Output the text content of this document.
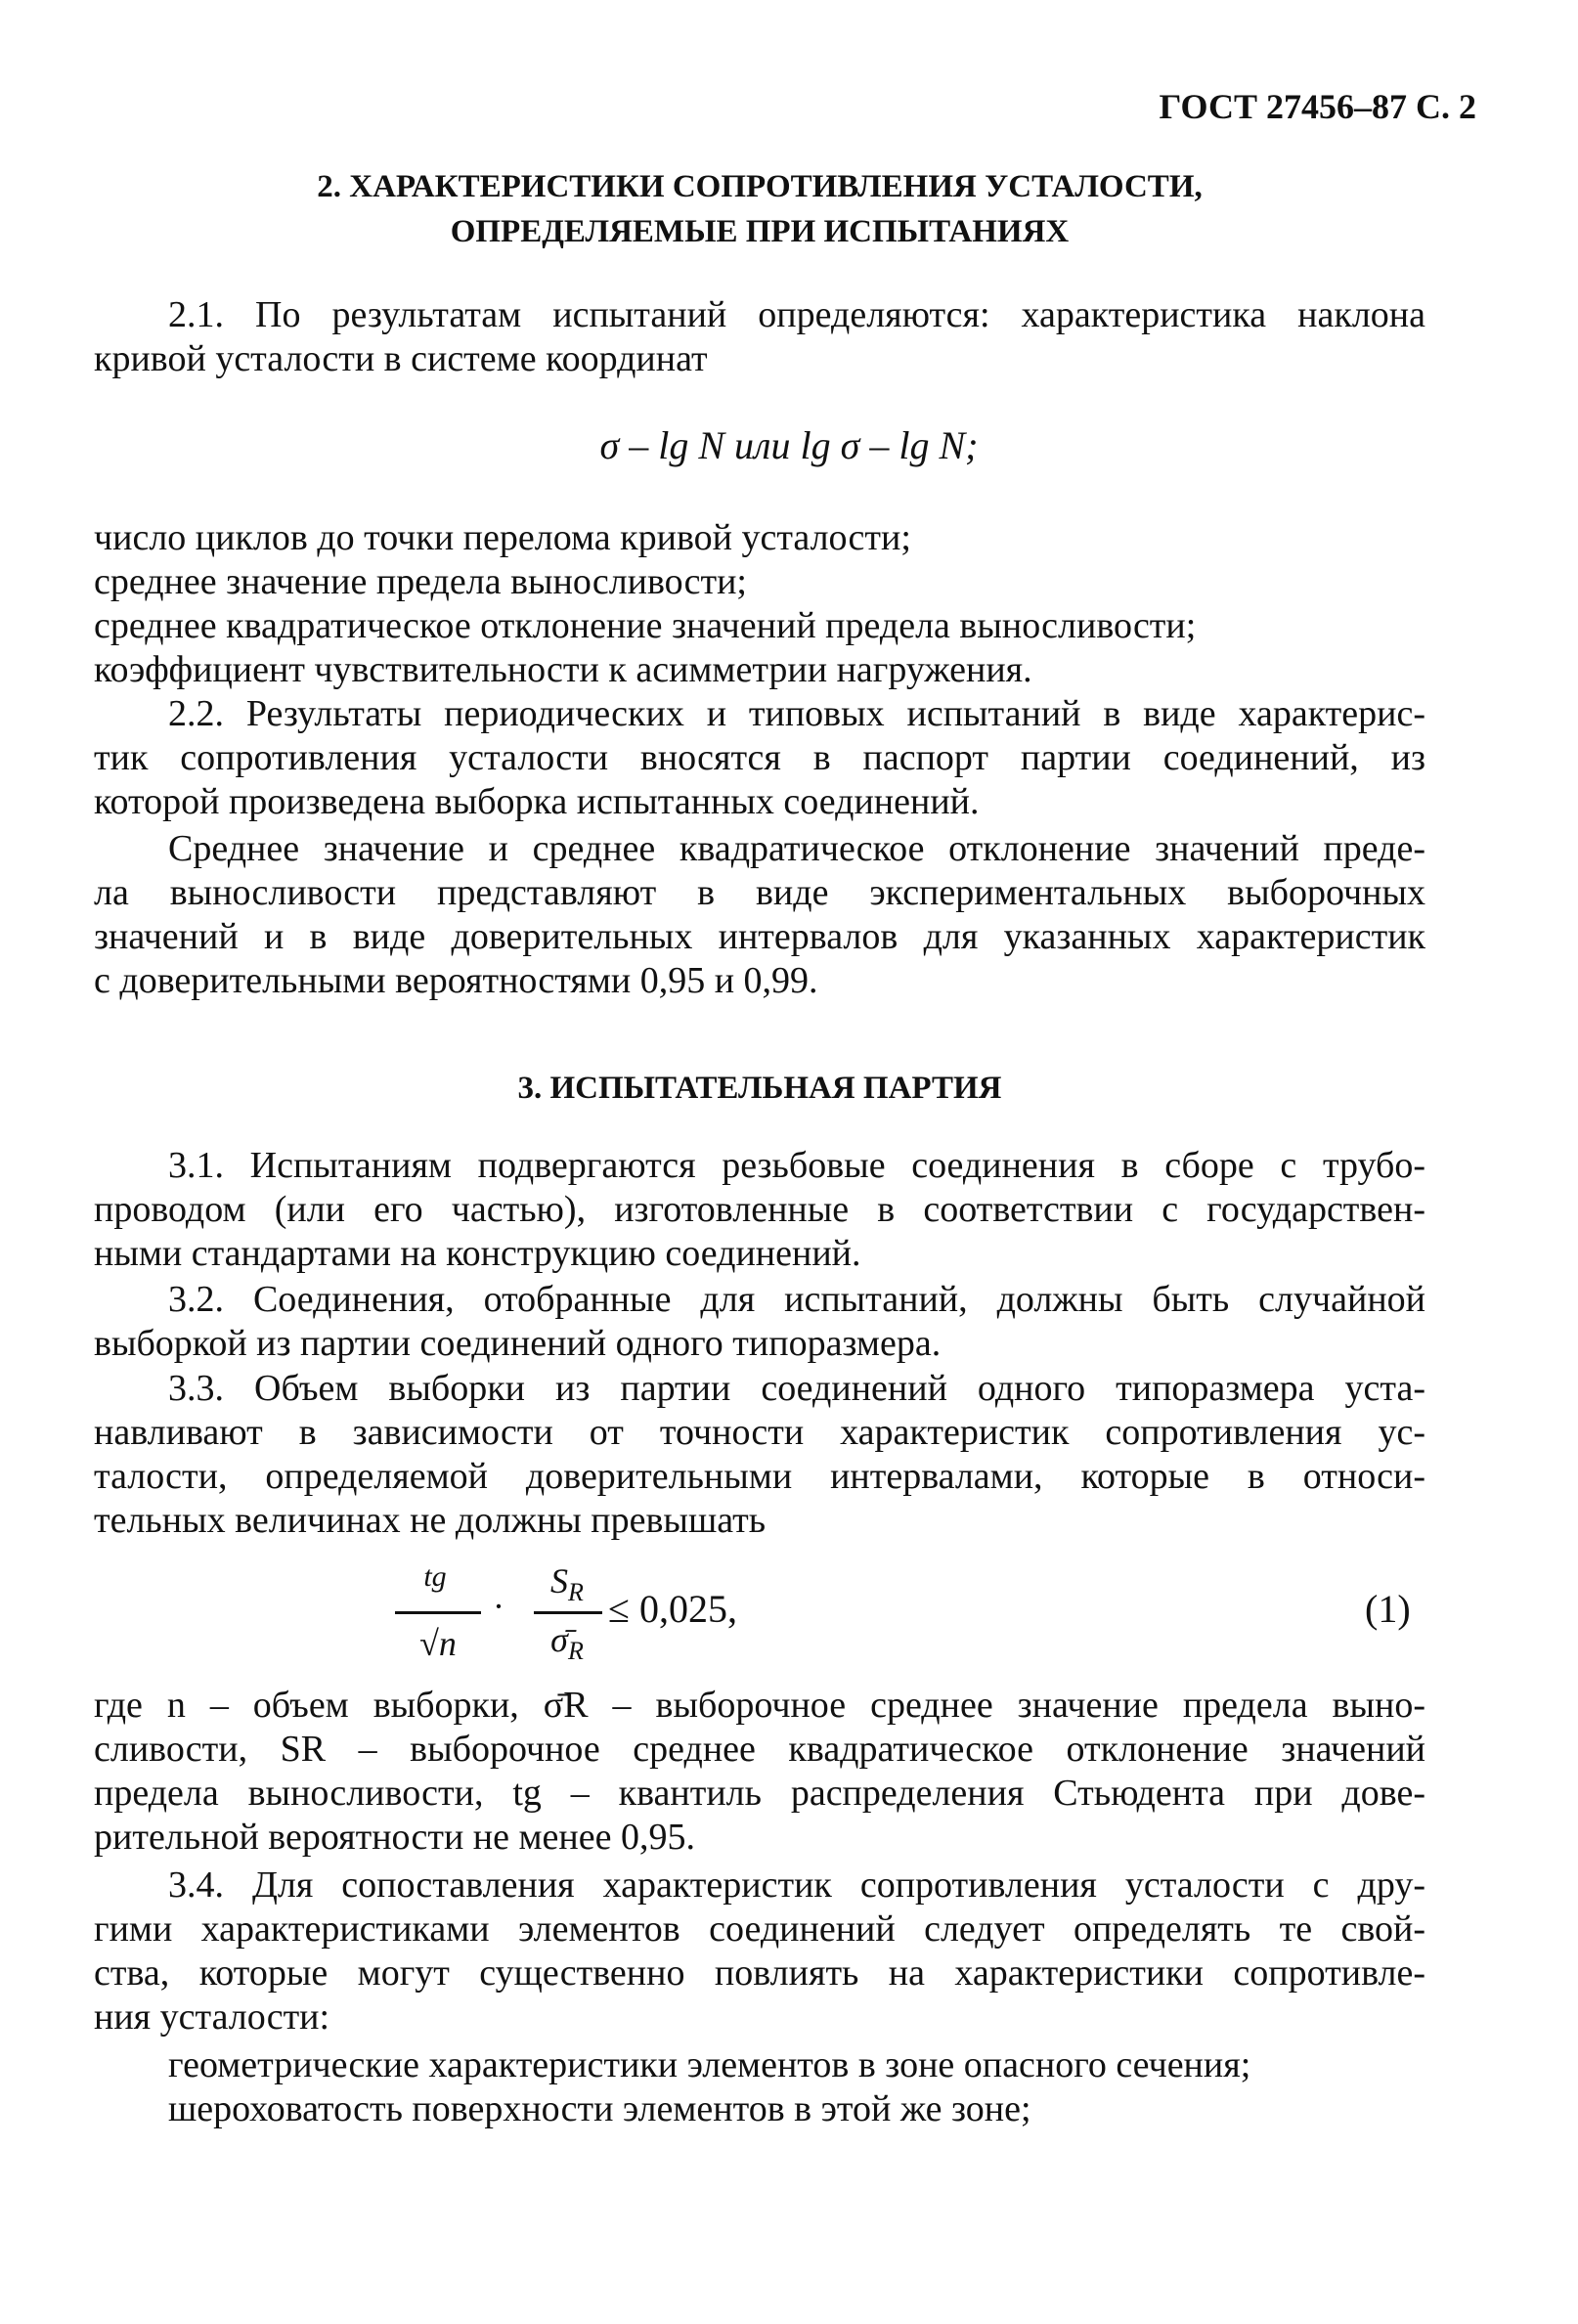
ГОСТ 27456–87 С. 2
2. ХАРАКТЕРИСТИКИ СОПРОТИВЛЕНИЯ УСТАЛОСТИ,
ОПРЕДЕЛЯЕМЫЕ ПРИ ИСПЫТАНИЯХ

2.1. По результатам испытаний определяются: характеристика наклона

кривой усталости в системе координат

σ – lg N или lg σ – lg N;

число циклов до точки перелома кривой усталости;

среднее значение предела выносливости;

среднее квадратическое отклонение значений предела выносливости;

коэффициент чувствительности к асимметрии нагружения.

2.2. Результаты периодических и типовых испытаний в виде характерис-

тик сопротивления усталости вносятся в паспорт партии соединений, из

которой произведена выборка испытанных соединений.

Среднее значение и среднее квадратическое отклонение значений преде-

ла выносливости представляют в виде экспериментальных выборочных

значений и в виде доверительных интервалов для указанных характеристик

с доверительными вероятностями 0,95 и 0,99.

3. ИСПЫТАТЕЛЬНАЯ ПАРТИЯ

3.1. Испытаниям подвергаются резьбовые соединения в сборе с трубо-

проводом (или его частью), изготовленные в соответствии с государствен-

ными стандартами на конструкцию соединений.

3.2. Соединения, отобранные для испытаний, должны быть случайной

выборкой из партии соединений одного типоразмера.

3.3. Объем выборки из партии соединений одного типоразмера уста-

навливают в зависимости от точности характеристик сопротивления ус-

талости, определяемой доверительными интервалами, которые в относи-

тельных величинах не должны превышать

tg
√n
·
$S_R$
$\sigmā_R$
≤ 0,025,	(1)

где n – объем выборки, σ̄R – выборочное среднее значение предела выно-

сливости, SR – выборочное среднее квадратическое отклонение значений

предела выносливости, tg – квантиль распределения Стьюдента при дове-

рительной вероятности не менее 0,95.

3.4. Для сопоставления характеристик сопротивления усталости с дру-

гими характеристиками элементов соединений следует определять те свой-

ства, которые могут существенно повлиять на характеристики сопротивле-

ния усталости:

геометрические характеристики элементов в зоне опасного сечения;

шероховатость поверхности элементов в этой же зоне;
